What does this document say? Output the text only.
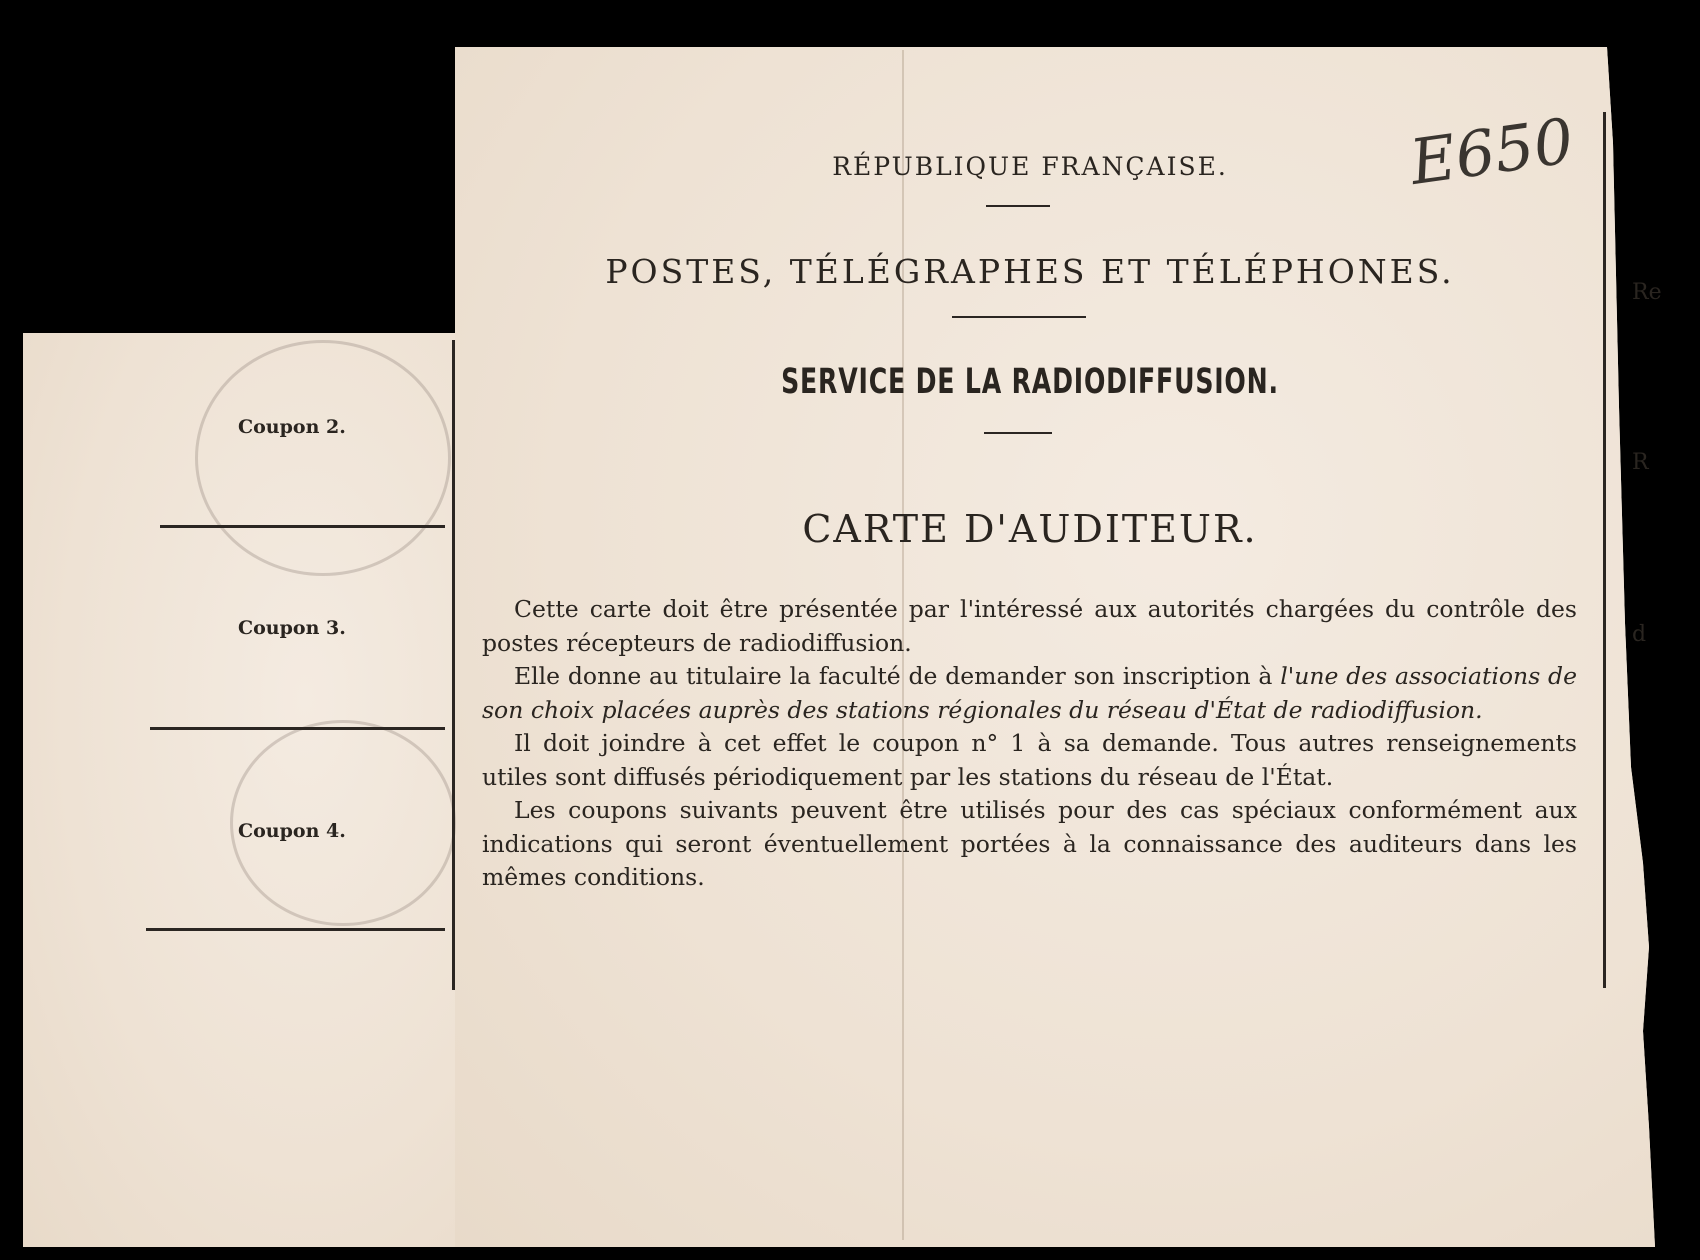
RÉPUBLIQUE FRANÇAISE.
POSTES, TÉLÉGRAPHES ET TÉLÉPHONES.
SERVICE DE LA RADIODIFFUSION.
CARTE D'AUDITEUR.
Coupon 2.
Coupon 3.
Coupon 4.

Cette carte doit être présentée par l'intéressé aux autorités chargées du contrôle des postes récepteurs de radiodiffusion.

Elle donne au titulaire la faculté de demander son inscription à l'une des associations de son choix placées auprès des stations régionales du réseau d'État de radiodiffusion.

Il doit joindre à cet effet le coupon n° 1 à sa demande. Tous autres renseignements utiles sont diffusés périodiquement par les stations du réseau de l'État.

Les coupons suivants peuvent être utilisés pour des cas spéciaux conformément aux indications qui seront éventuellement portées à la connaissance des auditeurs dans les mêmes conditions.

Re
R
d
E650
